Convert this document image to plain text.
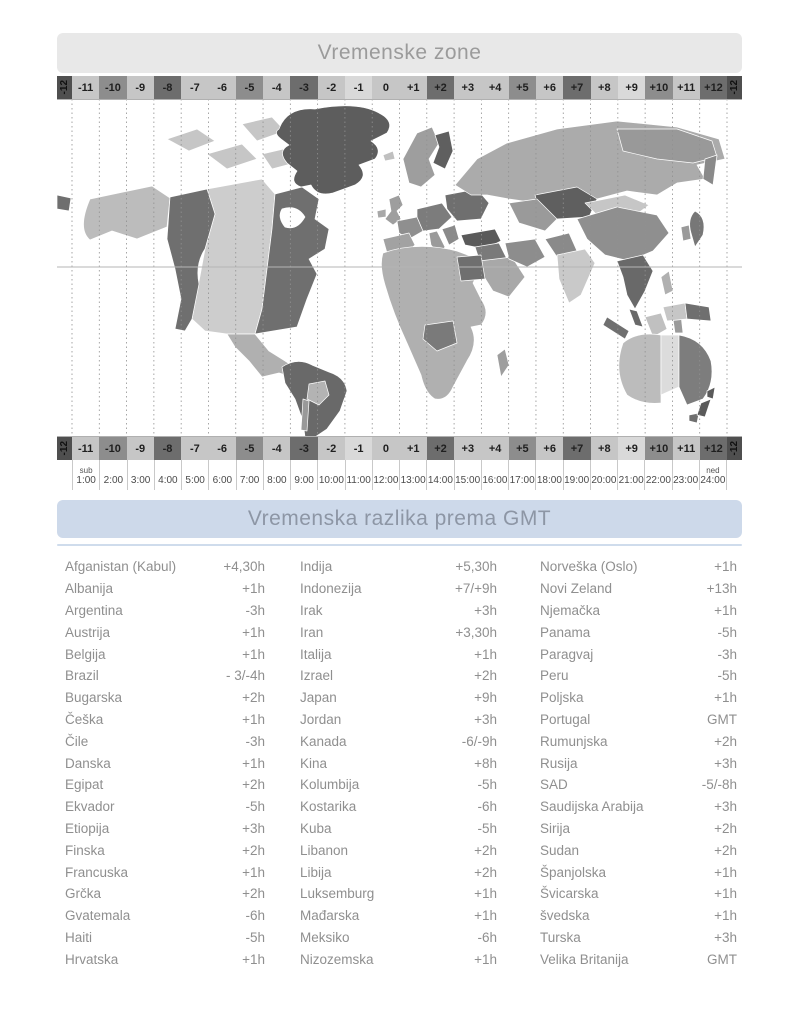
Vremenske zone
-12 -11	-10	-9	-8	-7	-6	-5	-4	-3	-2	-1	0	+1	+2	+3	+4	+5	+6	+7	+8	+9	+10 +11 +12 -12
-12 -11	-10	-9	-8	-7	-6	-5	-4	-3	-2	-1	0	+1	+2	+3	+4	+5	+6	+7	+8	+9	+10 +11 +12 -12
sub
1:00 2:00 3:00 4:00 5:00 6:00 7:00 8:00 9:00 10:00 11:00 12:00 13:00 14:00 15:00 16:00 17:00 18:00 19:00 20:00 21:00 22:00 23:00
ned
24:00
Vremenska razlika prema GMT
Afganistan (Kabul)	+4,30h
Albanija	+1h
Argentina	-3h
Austrija	+1h
Belgija	+1h
Brazil	- 3/-4h
Bugarska	+2h
Češka	+1h
Čile	-3h
Danska	+1h
Egipat	+2h
Ekvador	-5h
Etiopija	+3h
Finska	+2h
Francuska	+1h
Grčka	+2h
Gvatemala	-6h
Haiti	-5h
Hrvatska	+1h
Indija	+5,30h
Indonezija	+7/+9h
Irak	+3h
Iran	+3,30h
Italija	+1h
Izrael	+2h
Japan	+9h
Jordan	+3h
Kanada	-6/-9h
Kina	+8h
Kolumbija	-5h
Kostarika	-6h
Kuba	-5h
Libanon	+2h
Libija	+2h
Luksemburg	+1h
Mađarska	+1h
Meksiko	-6h
Nizozemska	+1h
Norveška (Oslo)	+1h
Novi Zeland	+13h
Njemačka	+1h
Panama	-5h
Paragvaj	-3h
Peru	-5h
Poljska	+1h
Portugal	GMT
Rumunjska	+2h
Rusija	+3h
SAD	-5/-8h
Saudijska Arabija	+3h
Sirija	+2h
Sudan	+2h
Španjolska	+1h
Švicarska	+1h
švedska	+1h
Turska	+3h
Velika Britanija	GMT
